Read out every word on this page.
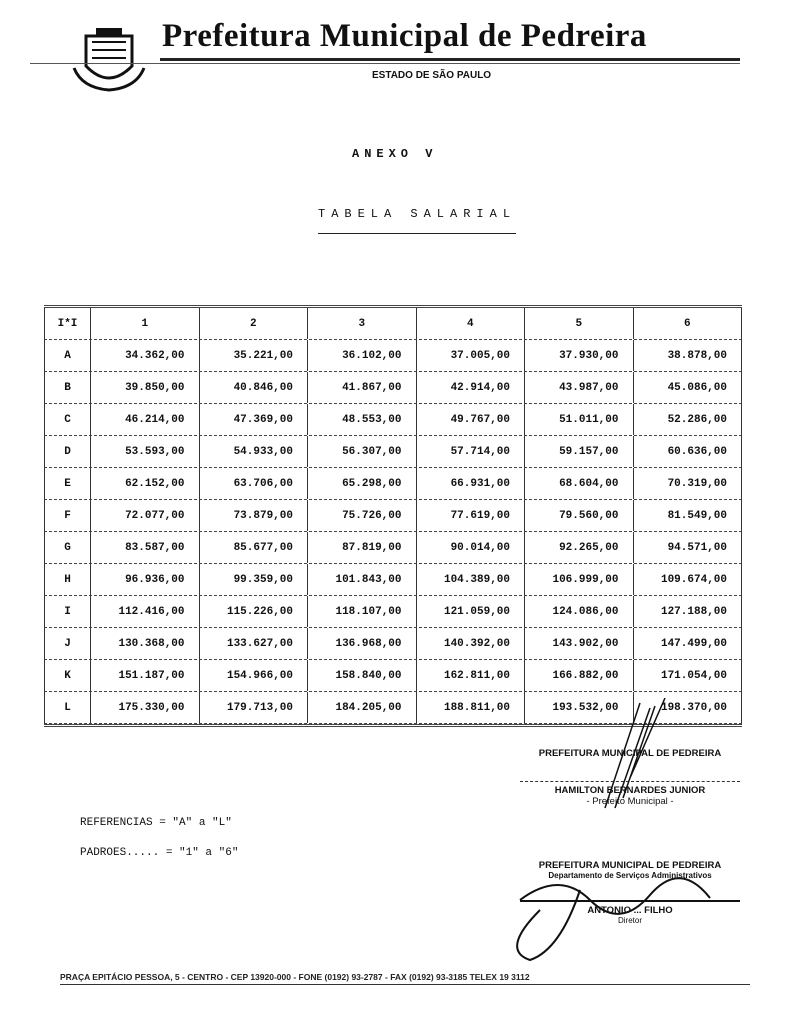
Prefeitura Municipal de Pedreira
ESTADO DE SÃO PAULO
ANEXO V
TABELA SALARIAL
I*I	1	2	3	4	5	6
A	34.362,00	35.221,00	36.102,00	37.005,00	37.930,00	38.878,00
B	39.850,00	40.846,00	41.867,00	42.914,00	43.987,00	45.086,00
C	46.214,00	47.369,00	48.553,00	49.767,00	51.011,00	52.286,00
D	53.593,00	54.933,00	56.307,00	57.714,00	59.157,00	60.636,00
E	62.152,00	63.706,00	65.298,00	66.931,00	68.604,00	70.319,00
F	72.077,00	73.879,00	75.726,00	77.619,00	79.560,00	81.549,00
G	83.587,00	85.677,00	87.819,00	90.014,00	92.265,00	94.571,00
H	96.936,00	99.359,00	101.843,00	104.389,00	106.999,00	109.674,00
I	112.416,00	115.226,00	118.107,00	121.059,00	124.086,00	127.188,00
J	130.368,00	133.627,00	136.968,00	140.392,00	143.902,00	147.499,00
K	151.187,00	154.966,00	158.840,00	162.811,00	166.882,00	171.054,00
L	175.330,00	179.713,00	184.205,00	188.811,00	193.532,00	198.370,00
REFERENCIAS = "A" a "L"
PADROES..... = "1" a "6"
PREFEITURA MUNICIPAL DE PEDREIRA
HAMILTON BERNARDES JUNIOR
- Prefeito Municipal -
PREFEITURA MUNICIPAL DE PEDREIRA
Departamento de Serviços Administrativos
ANTONIO ... FILHO
Diretor
PRAÇA EPITÁCIO PESSOA, 5 - CENTRO - CEP 13920-000 - FONE (0192) 93-2787 - FAX (0192) 93-3185 TELEX 19 3112
